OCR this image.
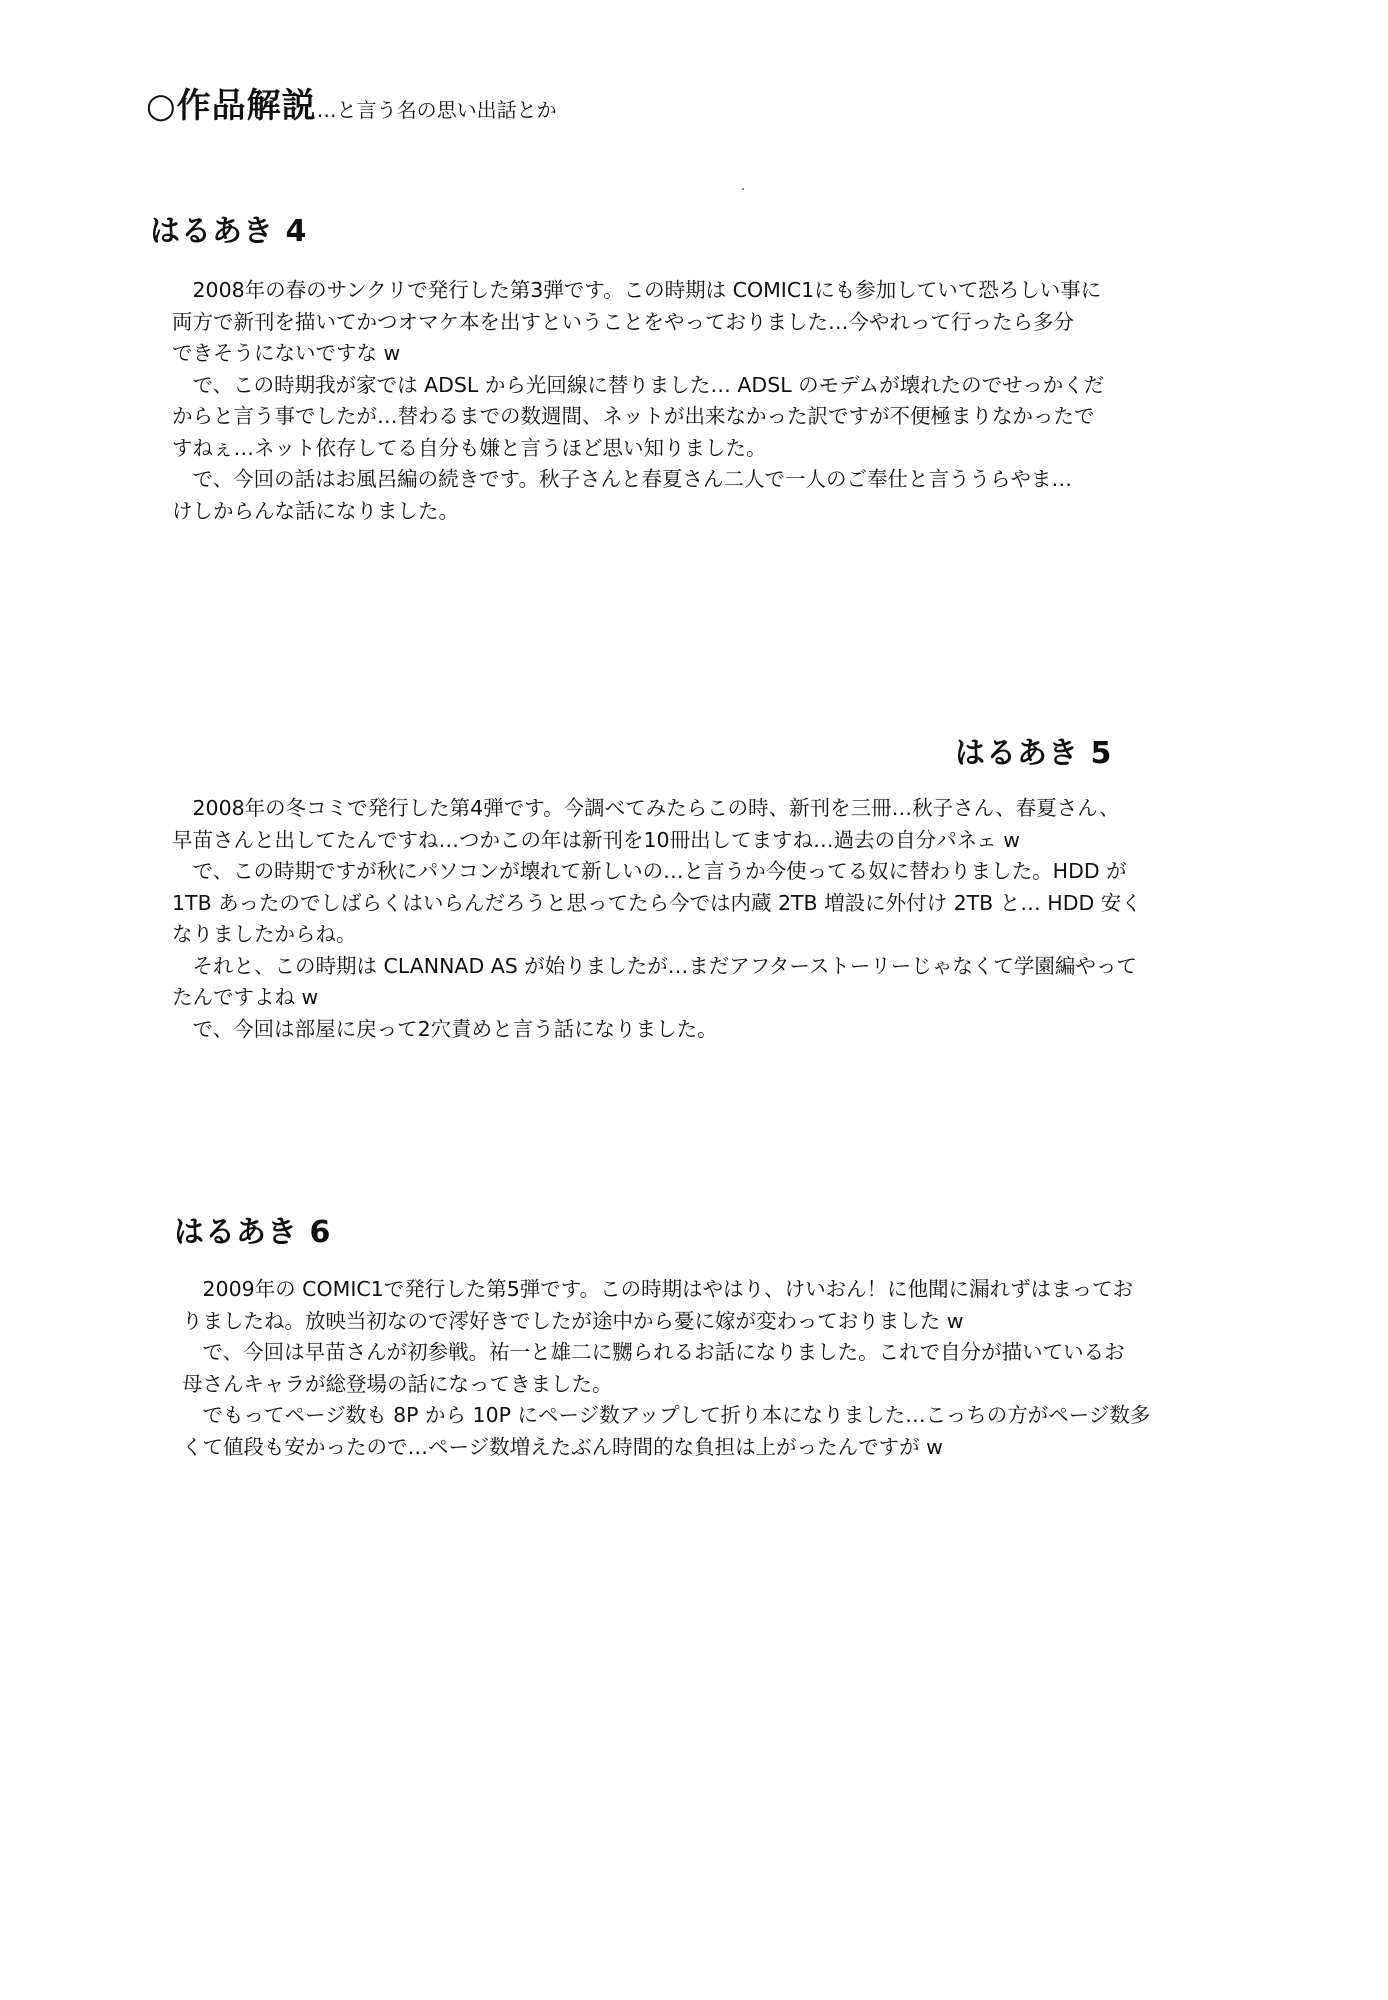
○作品解説…と言う名の思い出話とか
はるあき 4

　2008年の春のサンクリで発行した第3弾です。この時期は COMIC1にも参加していて恐ろしい事に

両方で新刊を描いてかつオマケ本を出すということをやっておりました…今やれって行ったら多分

できそうにないですな w

　で、この時期我が家では ADSL から光回線に替りました… ADSL のモデムが壊れたのでせっかくだ

からと言う事でしたが…替わるまでの数週間、ネットが出来なかった訳ですが不便極まりなかったで

すねぇ…ネット依存してる自分も嫌と言うほど思い知りました。

　で、今回の話はお風呂編の続きです。秋子さんと春夏さん二人で一人のご奉仕と言ううらやま…

けしからんな話になりました。

はるあき 5

　2008年の冬コミで発行した第4弾です。今調べてみたらこの時、新刊を三冊…秋子さん、春夏さん、

早苗さんと出してたんですね…つかこの年は新刊を10冊出してますね…過去の自分パネェ w

　で、この時期ですが秋にパソコンが壊れて新しいの…と言うか今使ってる奴に替わりました。HDD が

1TB あったのでしばらくはいらんだろうと思ってたら今では内蔵 2TB 増設に外付け 2TB と… HDD 安く

なりましたからね。

　それと、この時期は CLANNAD AS が始りましたが…まだアフターストーリーじゃなくて学園編やって

たんですよね w

　で、今回は部屋に戻って2穴責めと言う話になりました。

はるあき 6

　2009年の COMIC1で発行した第5弾です。この時期はやはり、けいおん！に他聞に漏れずはまってお

りましたね。放映当初なので澪好きでしたが途中から憂に嫁が変わっておりました w

　で、今回は早苗さんが初参戦。祐一と雄二に嬲られるお話になりました。これで自分が描いているお

母さんキャラが総登場の話になってきました。

　でもってページ数も 8P から 10P にページ数アップして折り本になりました…こっちの方がページ数多

くて値段も安かったので…ページ数増えたぶん時間的な負担は上がったんですが w
